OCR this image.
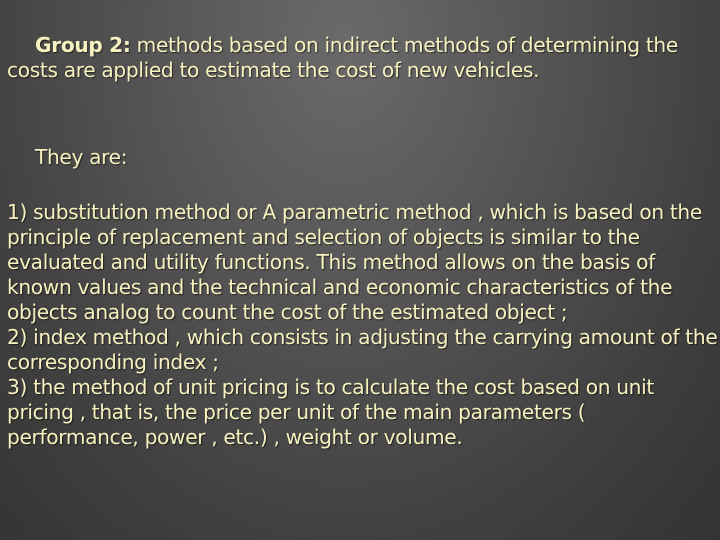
Group 2: methods based on indirect methods of determining the costs are applied to estimate the cost of new vehicles.
They are:
1) substitution method or A parametric method , which is based on the principle of replacement and selection of objects is similar to the evaluated and utility functions. This method allows on the basis of known values and the technical and economic characteristics of the objects analog to count the cost of the estimated object ;
2) index method , which consists in adjusting the carrying amount of the corresponding index ;
3) the method of unit pricing is to calculate the cost based on unit pricing , that is, the price per unit of the main parameters ( performance, power , etc.) , weight or volume.
